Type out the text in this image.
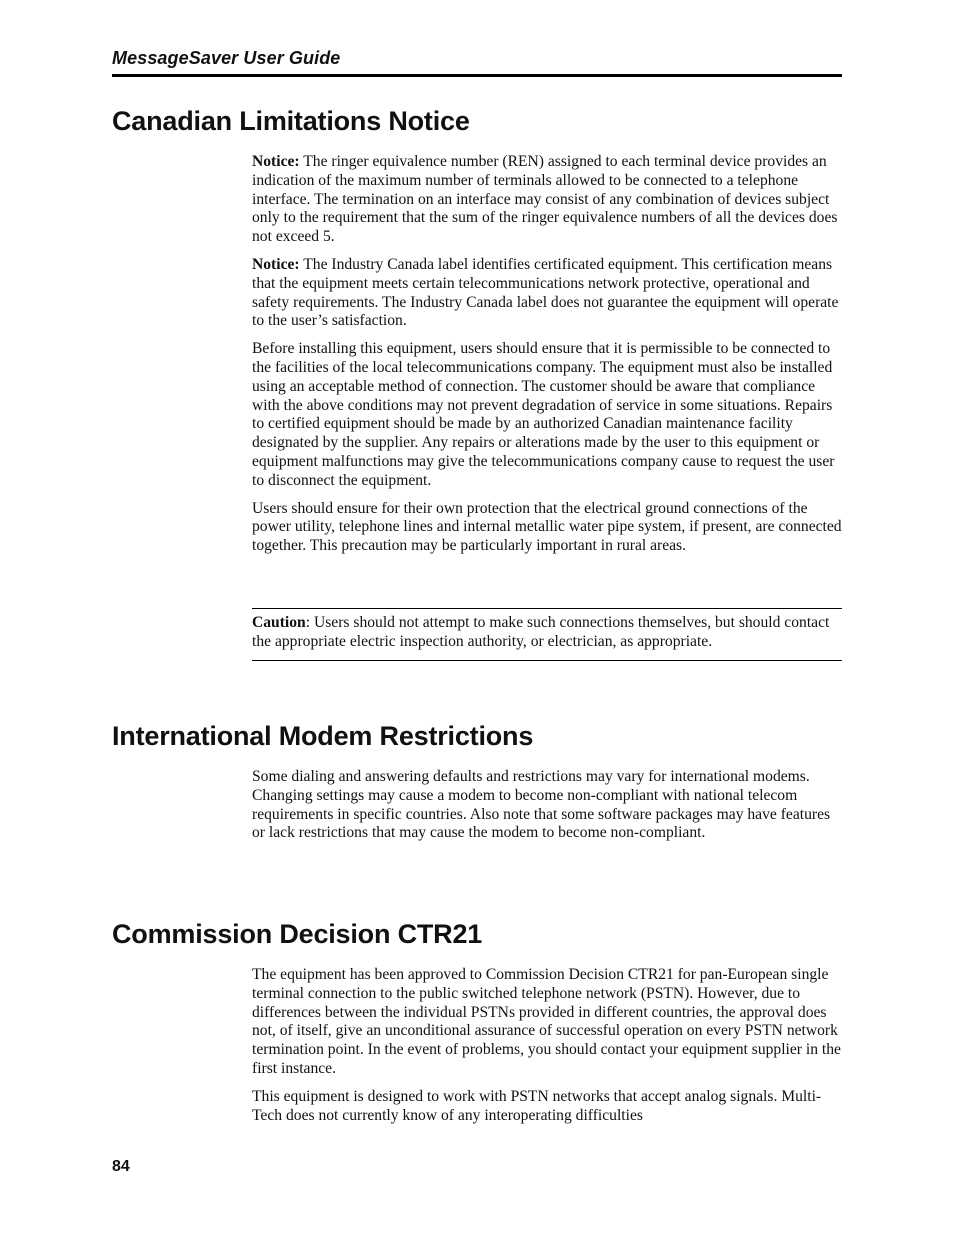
MessageSaver User Guide
Canadian Limitations Notice

Notice: The ringer equivalence number (REN) assigned to each terminal device provides an indication of the maximum number of terminals allowed to be connected to a telephone interface. The termination on an interface may consist of any combination of devices subject only to the requirement that the sum of the ringer equivalence numbers of all the devices does not exceed 5.

Notice: The Industry Canada label identifies certificated equipment. This certification means that the equipment meets certain telecommunications network protective, operational and safety requirements. The Industry Canada label does not guarantee the equipment will operate to the user’s satisfaction.

Before installing this equipment, users should ensure that it is permissible to be connected to the facilities of the local telecommunications company. The equipment must also be installed using an acceptable method of connection. The customer should be aware that compliance with the above conditions may not prevent degradation of service in some situations. Repairs to certified equipment should be made by an authorized Canadian maintenance facility designated by the supplier. Any repairs or alterations made by the user to this equipment or equipment malfunctions may give the telecommunications company cause to request the user to disconnect the equipment.

Users should ensure for their own protection that the electrical ground connections of the power utility, telephone lines and internal metallic water pipe system, if present, are connected together. This precaution may be particularly important in rural areas.

Caution: Users should not attempt to make such connections themselves, but should contact the appropriate electric inspection authority, or electrician, as appropriate.

International Modem Restrictions

Some dialing and answering defaults and restrictions may vary for international modems. Changing settings may cause a modem to become non-compliant with national telecom requirements in specific countries. Also note that some software packages may have features or lack restrictions that may cause the modem to become non-compliant.

Commission Decision CTR21

The equipment has been approved to Commission Decision CTR21 for pan-European single terminal connection to the public switched telephone network (PSTN). However, due to differences between the individual PSTNs provided in different countries, the approval does not, of itself, give an unconditional assurance of successful operation on every PSTN network termination point. In the event of problems, you should contact your equipment supplier in the first instance.

This equipment is designed to work with PSTN networks that accept analog signals. Multi-Tech does not currently know of any interoperating difficulties

84
